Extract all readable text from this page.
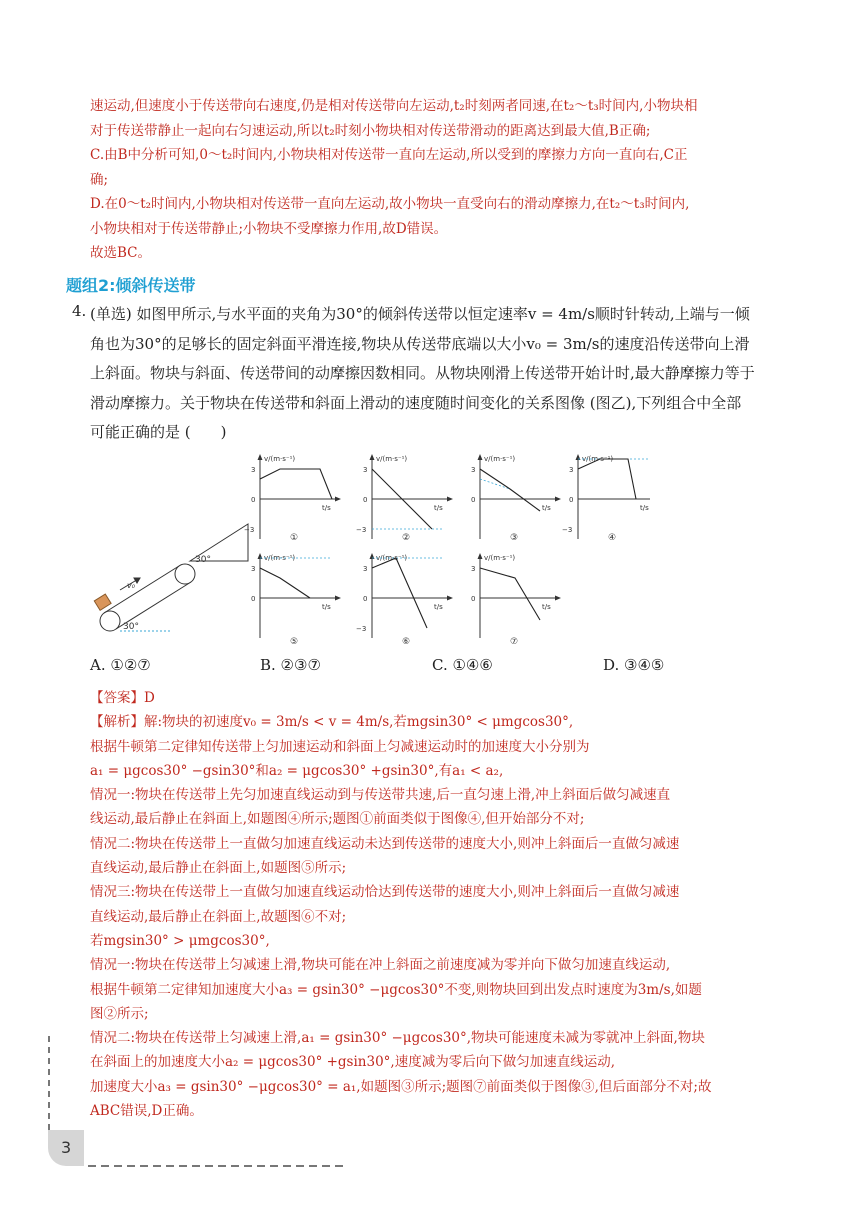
速运动,但速度小于传送带向右速度,仍是相对传送带向左运动,t₂时刻两者同速,在t₂～t₃时间内,小物块相
对于传送带静止一起向右匀速运动,所以t₂时刻小物块相对传送带滑动的距离达到最大值,B正确;
C.由B中分析可知,0～t₂时间内,小物块相对传送带一直向左运动,所以受到的摩擦力方向一直向右,C正
确;
D.在0～t₂时间内,小物块相对传送带一直向左运动,故小物块一直受向右的滑动摩擦力,在t₂～t₃时间内,
小物块相对于传送带静止;小物块不受摩擦力作用,故D错误。
故选BC。
题组2:倾斜传送带
4. (单选) 如图甲所示,与水平面的夹角为30°的倾斜传送带以恒定速率v = 4m/s顺时针转动,上端与一倾
角也为30°的足够长的固定斜面平滑连接,物块从传送带底端以大小v₀ = 3m/s的速度沿传送带向上滑
上斜面。物块与斜面、传送带间的动摩擦因数相同。从物块刚滑上传送带开始计时,最大静摩擦力等于
滑动摩擦力。关于物块在传送带和斜面上滑动的速度随时间变化的关系图像 (图乙),下列组合中全部
可能正确的是 (　　)
30°
30°
v₀
v/(m·s⁻¹)
t/s
3
0
−3
①
v/(m·s⁻¹)
t/s
3
0
−3
②
v/(m·s⁻¹)
t/s
3
0
③
v/(m·s⁻¹)
t/s
3
0
−3
④
v/(m·s⁻¹)
t/s
3
0
⑤
v/(m·s⁻¹)
t/s
3
0
−3
⑥
v/(m·s⁻¹)
t/s
3
0
⑦
A. ①②⑦	B. ②③⑦	C. ①④⑥	D. ③④⑤
【答案】D
【解析】解:物块的初速度v₀ = 3m/s < v = 4m/s,若mgsin30° < μmgcos30°,
根据牛顿第二定律知传送带上匀加速运动和斜面上匀减速运动时的加速度大小分别为
a₁ = μgcos30° −gsin30°和a₂ = μgcos30° +gsin30°,有a₁ < a₂,
情况一:物块在传送带上先匀加速直线运动到与传送带共速,后一直匀速上滑,冲上斜面后做匀减速直
线运动,最后静止在斜面上,如题图④所示;题图①前面类似于图像④,但开始部分不对;
情况二:物块在传送带上一直做匀加速直线运动未达到传送带的速度大小,则冲上斜面后一直做匀减速
直线运动,最后静止在斜面上,如题图⑤所示;
情况三:物块在传送带上一直做匀加速直线运动恰达到传送带的速度大小,则冲上斜面后一直做匀减速
直线运动,最后静止在斜面上,故题图⑥不对;
若mgsin30° > μmgcos30°,
情况一:物块在传送带上匀减速上滑,物块可能在冲上斜面之前速度减为零并向下做匀加速直线运动,
根据牛顿第二定律知加速度大小a₃ = gsin30° −μgcos30°不变,则物块回到出发点时速度为3m/s,如题
图②所示;
情况二:物块在传送带上匀减速上滑,a₁ = gsin30° −μgcos30°,物块可能速度未减为零就冲上斜面,物块
在斜面上的加速度大小a₂ = μgcos30° +gsin30°,速度减为零后向下做匀加速直线运动,
加速度大小a₃ = gsin30° −μgcos30° = a₁,如题图③所示;题图⑦前面类似于图像③,但后面部分不对;故
ABC错误,D正确。
3
